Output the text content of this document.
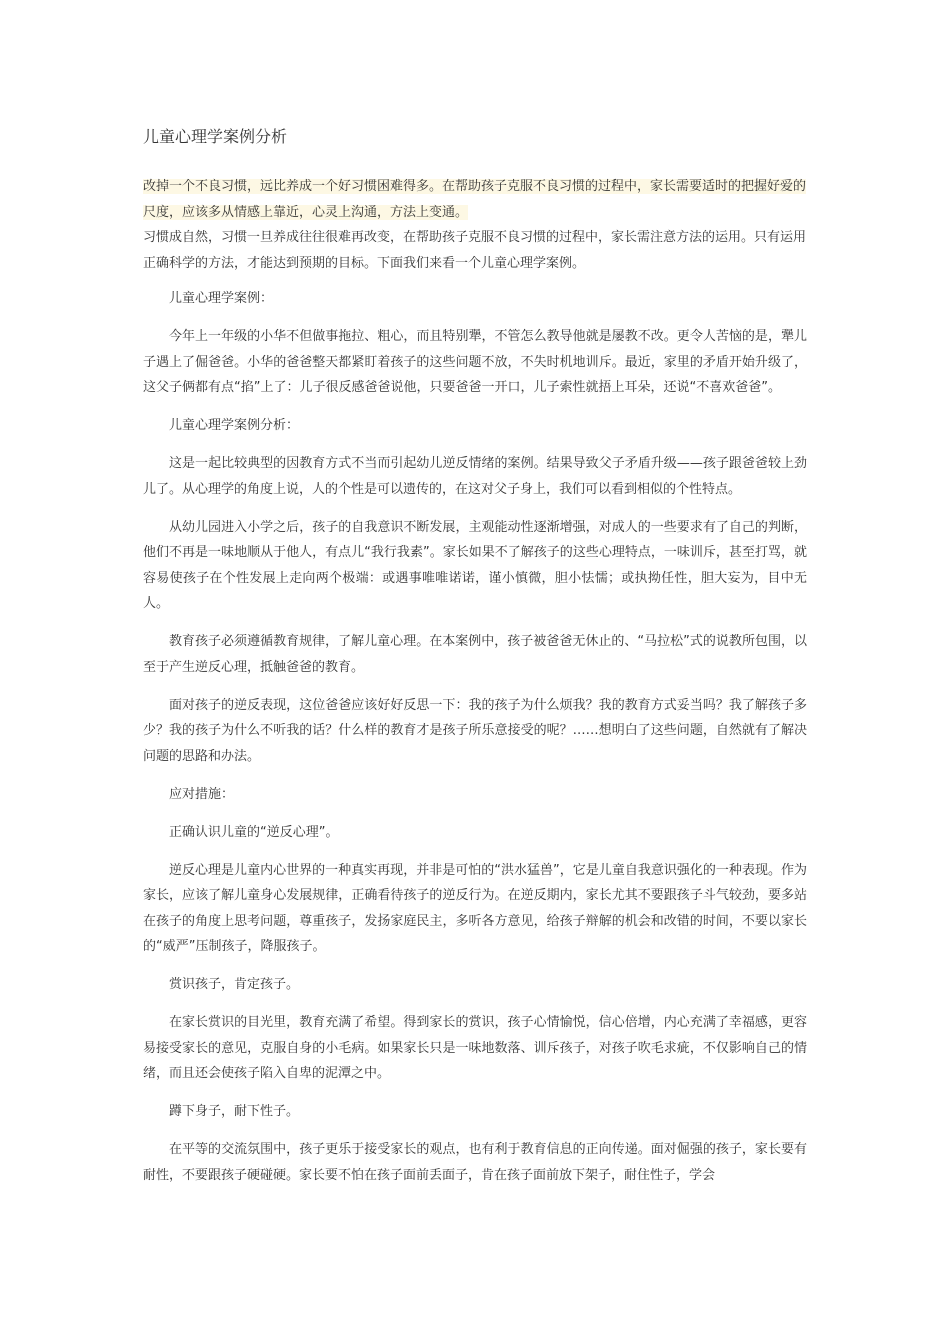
儿童心理学案例分析

改掉一个不良习惯，远比养成一个好习惯困难得多。在帮助孩子克服不良习惯的过程中，家长需要适时的把握好爱的尺度，应该多从情感上靠近，心灵上沟通，方法上变通。

习惯成自然，习惯一旦养成往往很难再改变，在帮助孩子克服不良习惯的过程中，家长需注意方法的运用。只有运用正确科学的方法，才能达到预期的目标。下面我们来看一个儿童心理学案例。

儿童心理学案例：

今年上一年级的小华不但做事拖拉、粗心，而且特别犟，不管怎么教导他就是屡教不改。更令人苦恼的是，犟儿子遇上了倔爸爸。小华的爸爸整天都紧盯着孩子的这些问题不放，不失时机地训斥。最近，家里的矛盾开始升级了，这父子俩都有点“掐”上了：儿子很反感爸爸说他，只要爸爸一开口，儿子索性就捂上耳朵，还说“不喜欢爸爸”。

儿童心理学案例分析：

这是一起比较典型的因教育方式不当而引起幼儿逆反情绪的案例。结果导致父子矛盾升级——孩子跟爸爸较上劲儿了。从心理学的角度上说，人的个性是可以遗传的，在这对父子身上，我们可以看到相似的个性特点。

从幼儿园进入小学之后，孩子的自我意识不断发展，主观能动性逐渐增强，对成人的一些要求有了自己的判断，他们不再是一味地顺从于他人，有点儿“我行我素”。家长如果不了解孩子的这些心理特点，一味训斥，甚至打骂，就容易使孩子在个性发展上走向两个极端：或遇事唯唯诺诺，谨小慎微，胆小怯懦；或执拗任性，胆大妄为，目中无人。

教育孩子必须遵循教育规律，了解儿童心理。在本案例中，孩子被爸爸无休止的、“马拉松”式的说教所包围，以至于产生逆反心理，抵触爸爸的教育。

面对孩子的逆反表现，这位爸爸应该好好反思一下：我的孩子为什么烦我？我的教育方式妥当吗？我了解孩子多少？我的孩子为什么不听我的话？什么样的教育才是孩子所乐意接受的呢？……想明白了这些问题，自然就有了解决问题的思路和办法。

应对措施：

正确认识儿童的“逆反心理”。

逆反心理是儿童内心世界的一种真实再现，并非是可怕的“洪水猛兽”，它是儿童自我意识强化的一种表现。作为家长，应该了解儿童身心发展规律，正确看待孩子的逆反行为。在逆反期内，家长尤其不要跟孩子斗气较劲，要多站在孩子的角度上思考问题，尊重孩子，发扬家庭民主，多听各方意见，给孩子辩解的机会和改错的时间，不要以家长的“威严”压制孩子，降服孩子。

赏识孩子，肯定孩子。

在家长赏识的目光里，教育充满了希望。得到家长的赏识，孩子心情愉悦，信心倍增，内心充满了幸福感，更容易接受家长的意见，克服自身的小毛病。如果家长只是一味地数落、训斥孩子，对孩子吹毛求疵，不仅影响自己的情绪，而且还会使孩子陷入自卑的泥潭之中。

蹲下身子，耐下性子。

在平等的交流氛围中，孩子更乐于接受家长的观点，也有利于教育信息的正向传递。面对倔强的孩子，家长要有耐性，不要跟孩子硬碰硬。家长要不怕在孩子面前丢面子，肯在孩子面前放下架子，耐住性子，学会
